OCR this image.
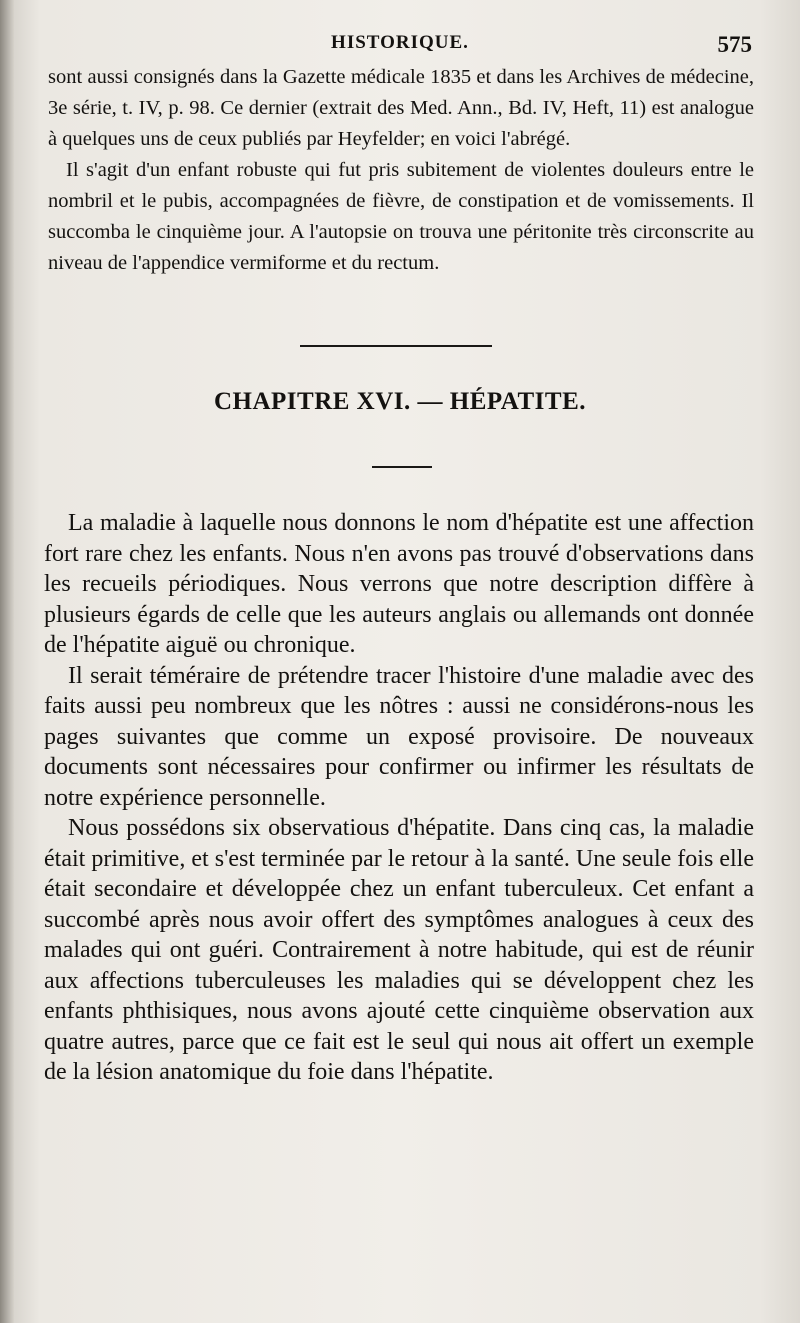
HISTORIQUE.	575

sont aussi consignés dans la Gazette médicale 1835 et dans les Archives de médecine, 3e série, t. IV, p. 98. Ce dernier (extrait des Med. Ann., Bd. IV, Heft, 11) est analogue à quelques uns de ceux publiés par Heyfelder; en voici l'abrégé.

Il s'agit d'un enfant robuste qui fut pris subitement de violentes douleurs entre le nombril et le pubis, accompagnées de fièvre, de constipation et de vomissements. Il succomba le cinquième jour. A l'autopsie on trouva une péritonite très circonscrite au niveau de l'appendice vermiforme et du rectum.

CHAPITRE XVI. — HÉPATITE.

La maladie à laquelle nous donnons le nom d'hépatite est une affection fort rare chez les enfants. Nous n'en avons pas trouvé d'observations dans les recueils périodiques. Nous verrons que notre description diffère à plusieurs égards de celle que les auteurs anglais ou allemands ont donnée de l'hépatite aiguë ou chronique.

Il serait téméraire de prétendre tracer l'histoire d'une maladie avec des faits aussi peu nombreux que les nôtres : aussi ne considérons-nous les pages suivantes que comme un exposé provisoire. De nouveaux documents sont nécessaires pour confirmer ou infirmer les résultats de notre expérience personnelle.

Nous possédons six observatious d'hépatite. Dans cinq cas, la maladie était primitive, et s'est terminée par le retour à la santé. Une seule fois elle était secondaire et développée chez un enfant tuberculeux. Cet enfant a succombé après nous avoir offert des symptômes analogues à ceux des malades qui ont guéri. Contrairement à notre habitude, qui est de réunir aux affections tuberculeuses les maladies qui se développent chez les enfants phthisiques, nous avons ajouté cette cinquième observation aux quatre autres, parce que ce fait est le seul qui nous ait offert un exemple de la lésion anatomique du foie dans l'hépatite.
